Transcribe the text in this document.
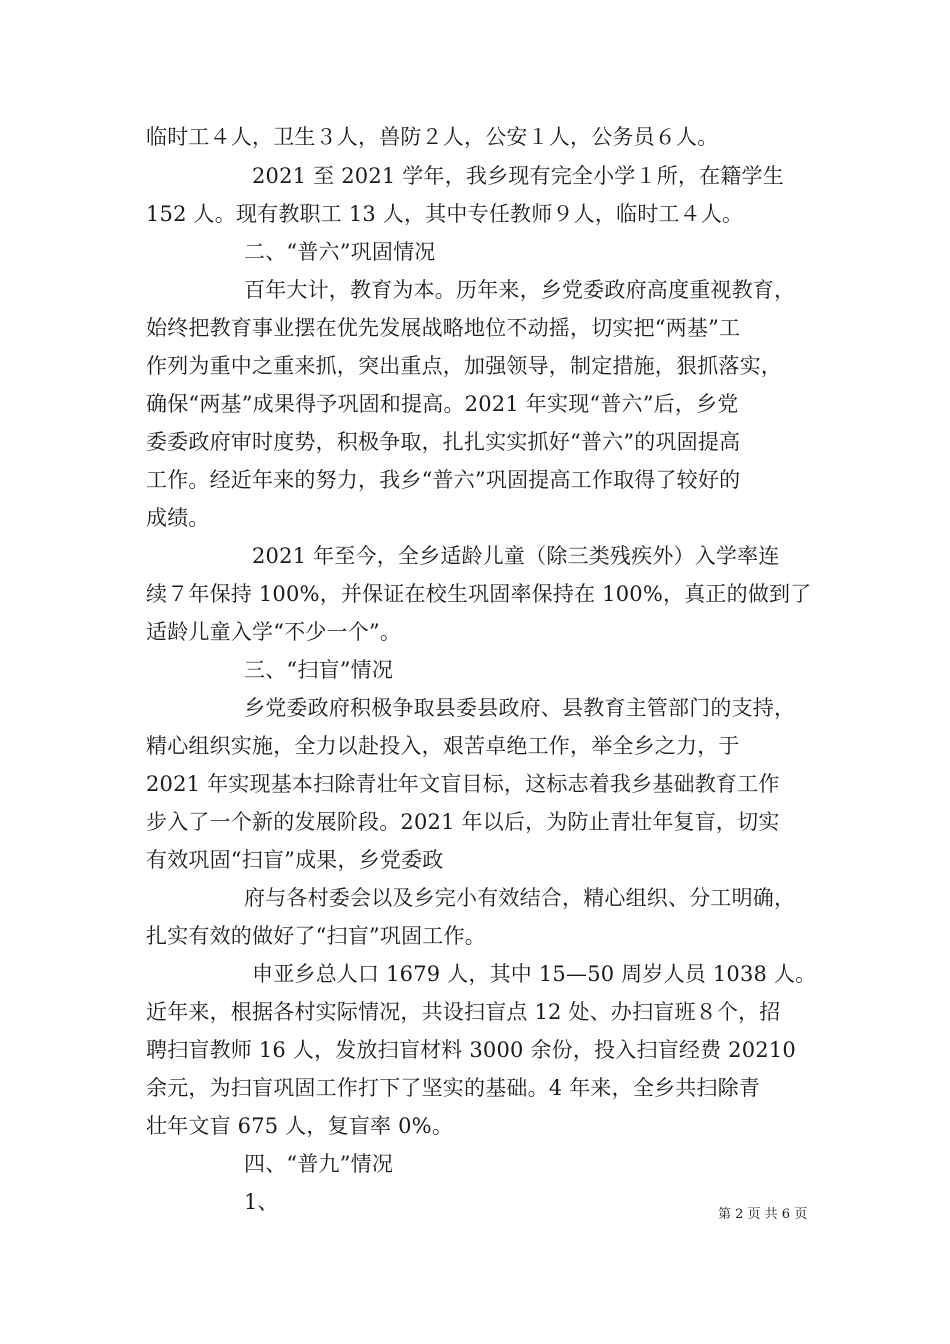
临时工４人，卫生３人，兽防２人，公安１人，公务员６人。
2021 至 2021 学年，我乡现有完全小学１所，在籍学生
152 人。现有教职工 13 人，其中专任教师９人，临时工４人。
二、“普六”巩固情况
百年大计，教育为本。历年来，乡党委政府高度重视教育，
始终把教育事业摆在优先发展战略地位不动摇，切实把“两基”工
作列为重中之重来抓，突出重点，加强领导，制定措施，狠抓落实，
确保“两基”成果得予巩固和提高。2021 年实现“普六”后，乡党
委委政府审时度势，积极争取，扎扎实实抓好“普六”的巩固提高
工作。经近年来的努力，我乡“普六”巩固提高工作取得了较好的
成绩。
2021 年至今，全乡适龄儿童（除三类残疾外）入学率连
续７年保持 100%，并保证在校生巩固率保持在 100%，真正的做到了
适龄儿童入学“不少一个”。
三、“扫盲”情况
乡党委政府积极争取县委县政府、县教育主管部门的支持，
精心组织实施，全力以赴投入，艰苦卓绝工作，举全乡之力，于
2021 年实现基本扫除青壮年文盲目标，这标志着我乡基础教育工作
步入了一个新的发展阶段。2021 年以后，为防止青壮年复盲，切实
有效巩固“扫盲”成果，乡党委政
府与各村委会以及乡完小有效结合，精心组织、分工明确，
扎实有效的做好了“扫盲”巩固工作。
申亚乡总人口 1679 人，其中 15—50 周岁人员 1038 人。
近年来，根据各村实际情况，共设扫盲点 12 处、办扫盲班８个，招
聘扫盲教师 16 人，发放扫盲材料 3000 余份，投入扫盲经费 20210
余元，为扫盲巩固工作打下了坚实的基础。4 年来，全乡共扫除青
壮年文盲 675 人，复盲率 0%。
四、“普九”情况
1、
第 2 页 共 6 页
